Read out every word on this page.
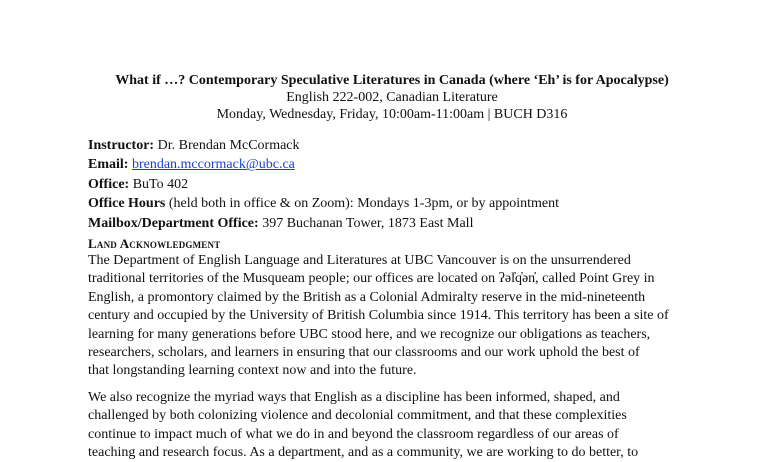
What if …? Contemporary Speculative Literatures in Canada (where ‘Eh’ is for Apocalypse)

English 222-002, Canadian Literature

Monday, Wednesday, Friday, 10:00am-11:00am | BUCH D316

Instructor: Dr. Brendan McCormack

Email: brendan.mccormack@ubc.ca

Office: BuTo 402

Office Hours (held both in office & on Zoom): Mondays 1-3pm, or by appointment

Mailbox/Department Office: 397 Buchanan Tower, 1873 East Mall

Land Acknowledgment

The Department of English Language and Literatures at UBC Vancouver is on the unsurrendered
traditional territories of the Musqueam people; our offices are located on ʔəl̓q̓ən̓, called Point Grey in
English, a promontory claimed by the British as a Colonial Admiralty reserve in the mid-nineteenth
century and occupied by the University of British Columbia since 1914. This territory has been a site of
learning for many generations before UBC stood here, and we recognize our obligations as teachers,
researchers, scholars, and learners in ensuring that our classrooms and our work uphold the best of
that longstanding learning context now and into the future.

We also recognize the myriad ways that English as a discipline has been informed, shaped, and
challenged by both colonizing violence and decolonial commitment, and that these complexities
continue to impact much of what we do in and beyond the classroom regardless of our areas of
teaching and research focus. As a department, and as a community, we are working to do better, to
